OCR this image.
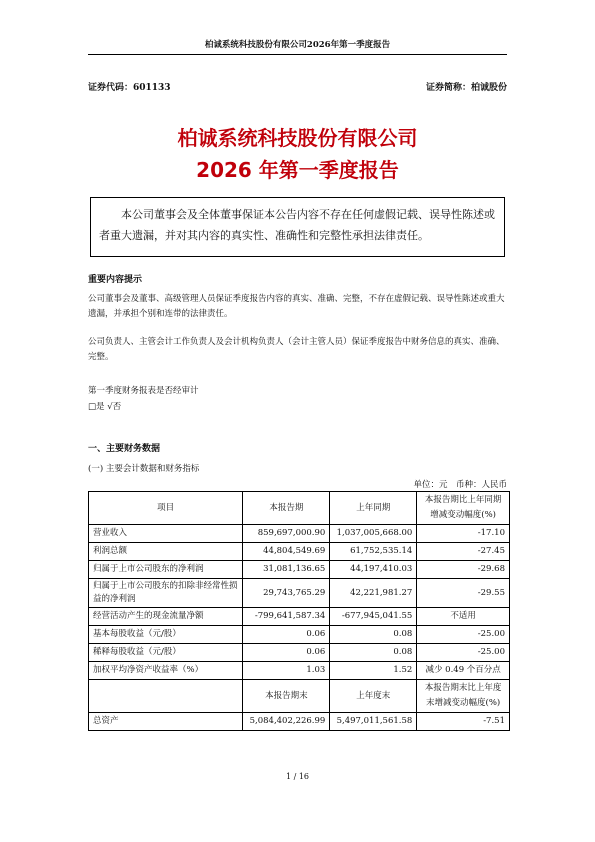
柏诚系统科技股份有限公司2026年第一季度报告
证券代码：601133	证券简称：柏诚股份
柏诚系统科技股份有限公司
2026 年第一季度报告
本公司董事会及全体董事保证本公告内容不存在任何虚假记载、误导性陈述或者重大遗漏，并对其内容的真实性、准确性和完整性承担法律责任。
重要内容提示
公司董事会及董事、高级管理人员保证季度报告内容的真实、准确、完整，不存在虚假记载、误导性陈述或重大遗漏，并承担个别和连带的法律责任。
公司负责人、主管会计工作负责人及会计机构负责人（会计主管人员）保证季度报告中财务信息的真实、准确、完整。
第一季度财务报表是否经审计
□是 √否
一、主要财务数据
(一) 主要会计数据和财务指标
单位：元　币种：人民币
项目	本报告期	上年同期	本报告期比上年同期增减变动幅度(%)
营业收入	859,697,000.90	1,037,005,668.00	-17.10
利润总额	44,804,549.69	61,752,535.14	-27.45
归属于上市公司股东的净利润	31,081,136.65	44,197,410.03	-29.68
归属于上市公司股东的扣除非经常性损益的净利润	29,743,765.29	42,221,981.27	-29.55
经营活动产生的现金流量净额	-799,641,587.34	-677,945,041.55	不适用
基本每股收益（元/股）	0.06	0.08	-25.00
稀释每股收益（元/股）	0.06	0.08	-25.00
加权平均净资产收益率（%）	1.03	1.52	减少 0.49 个百分点
	本报告期末	上年度末	本报告期末比上年度末增减变动幅度(%)
总资产	5,084,402,226.99	5,497,011,561.58	-7.51
1 / 16
